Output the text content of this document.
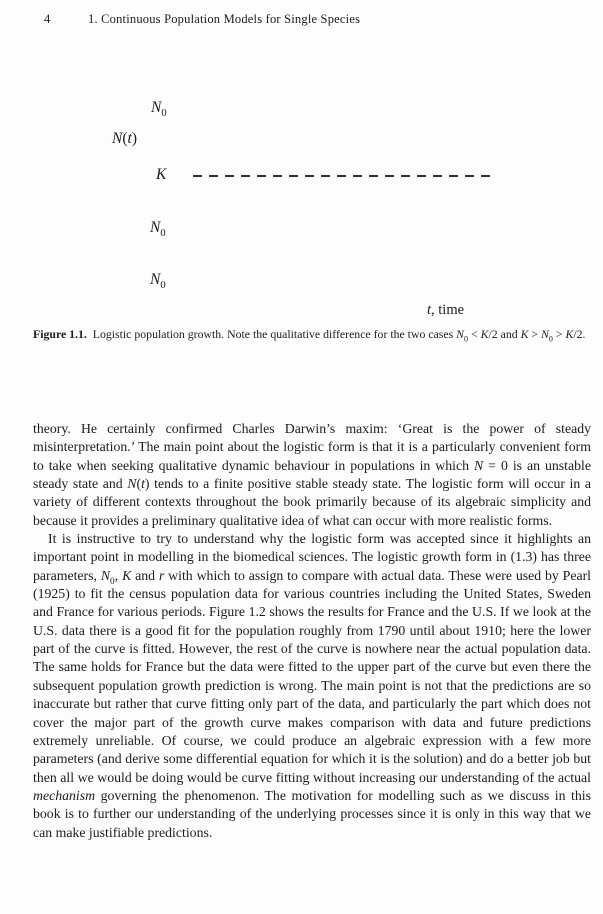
4	1. Continuous Population Models for Single Species
$N_0$
N(t)
K
$N_0$
$N_0$
t, time
Figure 1.1.  Logistic population growth. Note the qualitative difference for the two cases $N_0 < K/2$ and $K > N_0 > K/2$.

theory. He certainly confirmed Charles Darwin’s maxim: ‘Great is the power of steady misinterpretation.’ The main point about the logistic form is that it is a particularly convenient form to take when seeking qualitative dynamic behaviour in populations in which N = 0 is an unstable steady state and N(t) tends to a finite positive stable steady state. The logistic form will occur in a variety of different contexts throughout the book primarily because of its algebraic simplicity and because it provides a preliminary qualitative idea of what can occur with more realistic forms.

It is instructive to try to understand why the logistic form was accepted since it highlights an important point in modelling in the biomedical sciences. The logistic growth form in (1.3) has three parameters, $N_0$, K and r with which to assign to compare with actual data. These were used by Pearl (1925) to fit the census population data for various countries including the United States, Sweden and France for various periods. Figure 1.2 shows the results for France and the U.S. If we look at the U.S. data there is a good fit for the population roughly from 1790 until about 1910; here the lower part of the curve is fitted. However, the rest of the curve is nowhere near the actual population data. The same holds for France but the data were fitted to the upper part of the curve but even there the subsequent population growth prediction is wrong. The main point is not that the predictions are so inaccurate but rather that curve fitting only part of the data, and particularly the part which does not cover the major part of the growth curve makes comparison with data and future predictions extremely unreliable. Of course, we could produce an algebraic expression with a few more parameters (and derive some differential equation for which it is the solution) and do a better job but then all we would be doing would be curve fitting without increasing our understanding of the actual mechanism governing the phenomenon. The motivation for modelling such as we discuss in this book is to further our understanding of the underlying processes since it is only in this way that we can make justifiable predictions.
